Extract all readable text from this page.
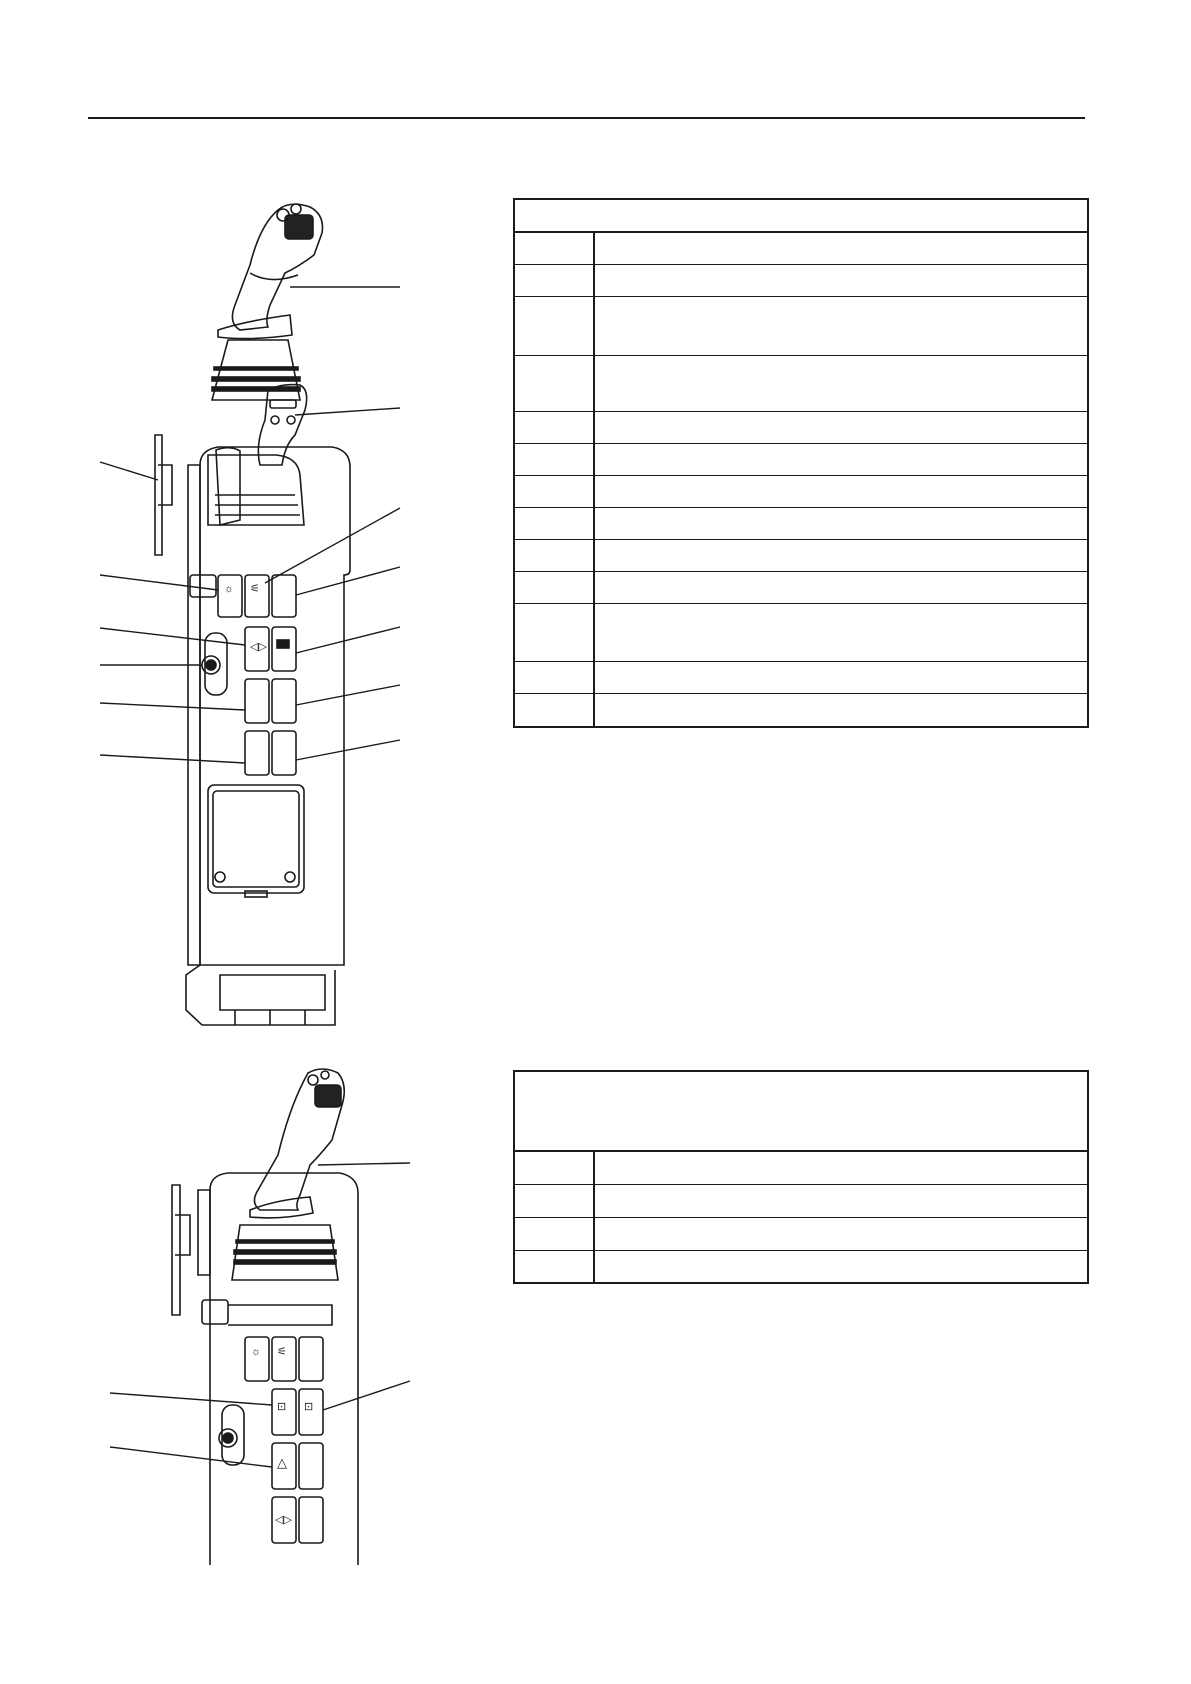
☼ ⚟
◁▷
☼ ⚟
⊡ ⊡
△
◁▷
